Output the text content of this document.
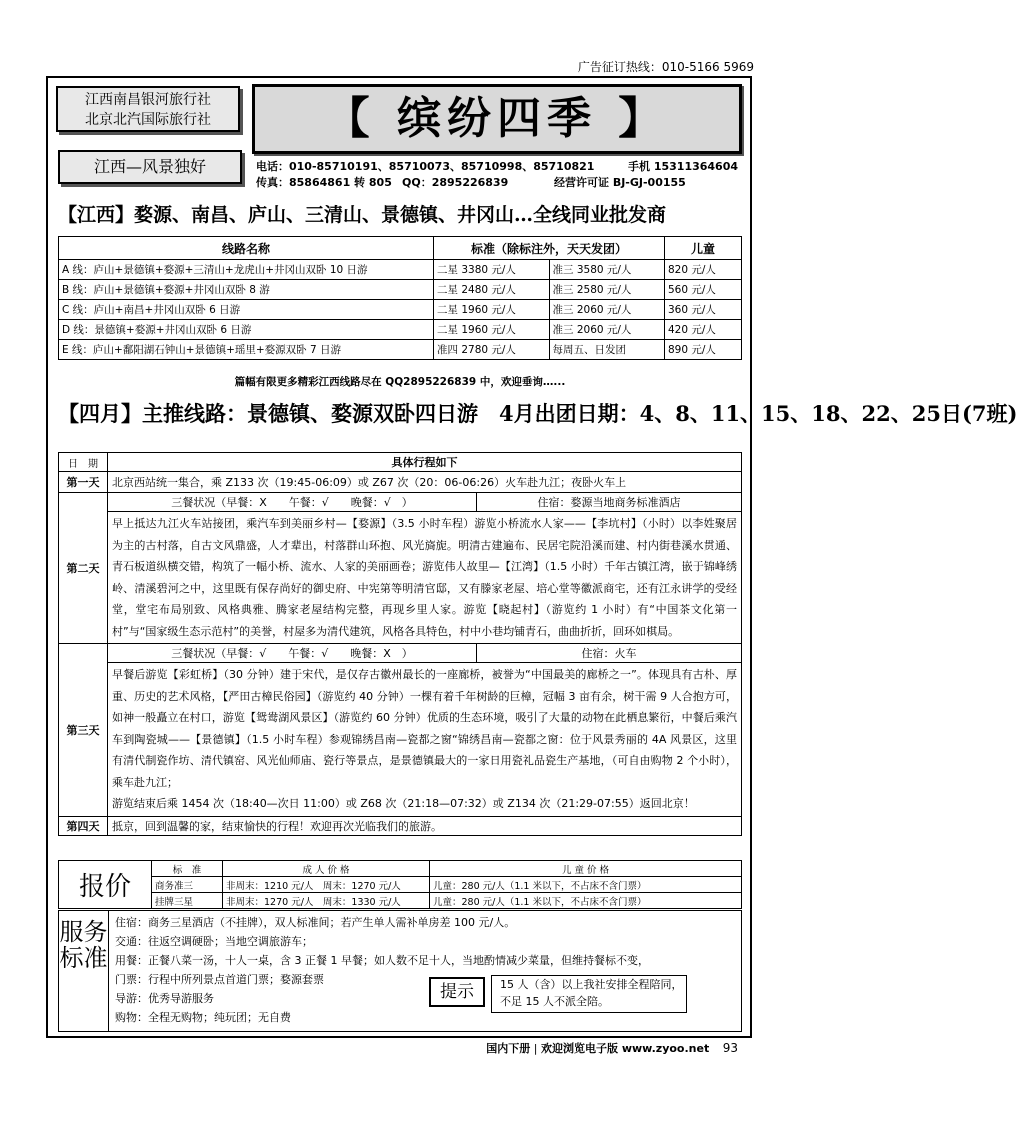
广告征订热线：010-5166 5969
江西南昌银河旅行社
北京北汽国际旅行社	【 缤纷四季 】
江西—风景独好	电话：010-85710191、85710073、85710998、85710821	手机 15311364604
传真：85864861 转 805 QQ：2895226839	经营许可证 BJ-GJ-00155
【江西】婺源、南昌、庐山、三清山、景德镇、井冈山…全线同业批发商
线路名称	标准（除标注外，天天发团）		儿童
A 线：庐山+景德镇+婺源+三清山+龙虎山+井冈山双卧 10 日游	二星 3380 元/人	准三 3580 元/人	820 元/人
B 线：庐山+景德镇+婺源+井冈山双卧 8 游	二星 2480 元/人	准三 2580 元/人	560 元/人
C 线：庐山+南昌+井冈山双卧 6 日游	二星 1960 元/人	准三 2060 元/人	360 元/人
D 线：景德镇+婺源+井冈山双卧 6 日游	二星 1960 元/人	准三 2060 元/人	420 元/人
E 线：庐山+鄱阳湖石钟山+景德镇+瑶里+婺源双卧 7 日游	准四 2780 元/人	每周五、日发团	890 元/人
篇幅有限更多精彩江西线路尽在 QQ2895226839 中，欢迎垂询…...
【四月】主推线路：景德镇、婺源双卧四日游　4月出团日期：4、8、11、15、18、22、25日(7班)
日　期	具体行程如下	
第一天	北京西站统一集合，乘 Z133 次（19:45-06:09）或 Z67 次（20：06-06:26）火车赴九江；夜卧火车上	
第二天	三餐状况（早餐：X　　午餐：√　　晚餐：√　）	住宿：婺源当地商务标准酒店
	早上抵达九江火车站接团，乘汽车到美丽乡村—【婺源】（3.5 小时车程）游览小桥流水人家——【李坑村】（小时）以李姓聚居为主的古村落，自古文风鼎盛，人才辈出，村落群山环抱、风光旖旎。明清古建遍布、民居宅院沿溪而建、村内街巷溪水贯通、青石板道纵横交错，构筑了一幅小桥、流水、人家的美丽画卷；游览伟人故里—【江湾】（1.5 小时）千年古镇江湾，嵌于锦峰绣岭、清溪碧河之中，这里既有保存尚好的御史府、中宪第等明清官邸，又有滕家老屋、培心堂等徽派商宅，还有江永讲学的受经堂，堂宅布局别致、风格典雅、腾家老屋结构完整，再现乡里人家。游览【晓起村】（游览约 1 小时）有“中国茶文化第一村”与“国家级生态示范村”的美誉，村屋多为清代建筑，风格各具特色，村中小巷均铺青石，曲曲折折，回环如棋局。	
第三天	三餐状况（早餐：√　　午餐：√　　晚餐：X　）	住宿：火车
	早餐后游览【彩虹桥】（30 分钟）建于宋代，是仅存古徽州最长的一座廊桥，被誉为“中国最美的廊桥之一”。体现具有古朴、厚重、历史的艺术风格，【严田古樟民俗园】（游览约 40 分钟）一棵有着千年树龄的巨樟，冠幅 3 亩有余，树干需 9 人合抱方可，如神一般矗立在村口，游览【鸳鸯湖风景区】（游览约 60 分钟）优质的生态环境，吸引了大量的动物在此栖息繁衍，中餐后乘汽车到陶瓷城——【景德镇】（1.5 小时车程）参观锦绣昌南—瓷都之窗“锦绣昌南—瓷都之窗：位于风景秀丽的 4A 风景区，这里有清代制瓷作坊、清代镇窑、风光仙师庙、瓷行等景点，是景德镇最大的一家日用瓷礼品瓷生产基地，（可自由购物 2 个小时），乘车赴九江；
游览结束后乘 1454 次（18:40—次日 11:00）或 Z68 次（21:18—07:32）或 Z134 次（21:29-07:55）返回北京！	
第四天	抵京，回到温馨的家，结束愉快的行程！欢迎再次光临我们的旅游。	
报价	标　准	成 人 价 格	儿 童 价 格
	商务准三	非周末：1210 元/人　周末：1270 元/人	儿童：280 元/人（1.1 米以下，不占床不含门票）
	挂牌三星	非周末：1270 元/人　周末：1330 元/人	儿童：280 元/人（1.1 米以下，不占床不含门票）
服务标准
住宿：商务三星酒店（不挂牌），双人标准间；若产生单人需补单房差 100 元/人。
交通：往返空调硬卧；当地空调旅游车；
用餐：正餐八菜一汤，十人一桌，含 3 正餐 1 早餐；如人数不足十人，当地酌情减少菜量，但维持餐标不变，
门票：行程中所列景点首道门票；婺源套票
导游：优秀导游服务
购物：全程无购物；纯玩团；无自费
提示	15 人（含）以上我社安排全程陪同，不足 15 人不派全陪。
国内下册 | 欢迎浏览电子版 www.zyoo.net 93
